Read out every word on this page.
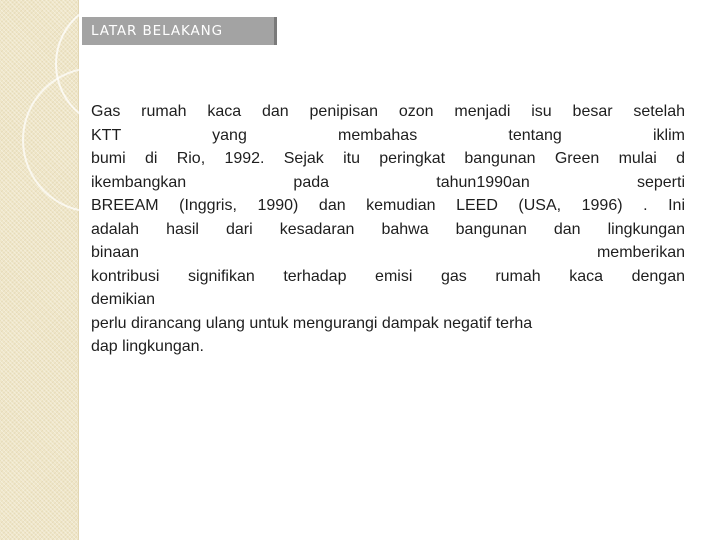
LATAR BELAKANG
Gas rumah kaca dan penipisan ozon menjadi isu besar setelah
KTT yang membahas tentang iklim
bumi di Rio, 1992. Sejak itu peringkat bangunan Green mulai d
ikembangkan pada tahun1990an seperti
BREEAM (Inggris, 1990) dan kemudian LEED (USA, 1996) . Ini
adalah hasil dari kesadaran bahwa bangunan dan lingkungan
binaan memberikan
kontribusi signifikan terhadap emisi gas rumah kaca dengan
demikian
perlu dirancang ulang untuk mengurangi dampak negatif terha
dap lingkungan.
